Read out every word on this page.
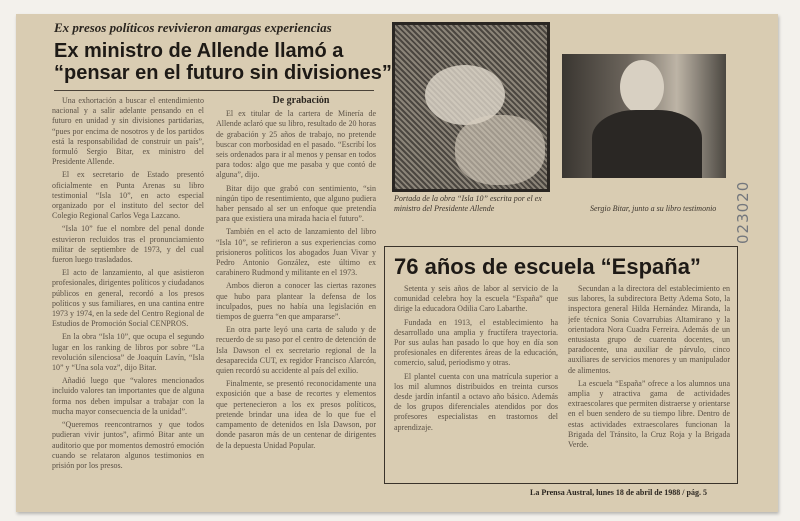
Ex presos políticos revivieron amargas experiencias
Ex ministro de Allende llamó a “pensar en el futuro sin divisiones”

Una exhortación a buscar el entendimiento nacional y a salir adelante pensando en el futuro en unidad y sin divisiones partidarias, “pues por encima de nosotros y de los partidos está la responsabilidad de construir un país”, formuló Sergio Bitar, ex ministro del Presidente Allende.

El ex secretario de Estado presentó oficialmente en Punta Arenas su libro testimonial “Isla 10”, en acto especial organizado por el instituto del sector del Colegio Regional Carlos Vega Lazcano.

“Isla 10” fue el nombre del penal donde estuvieron recluidos tras el pronunciamiento militar de septiembre de 1973, y del cual fueron luego trasladados.

El acto de lanzamiento, al que asistieron profesionales, dirigentes políticos y ciudadanos públicos en general, recordó a los presos políticos y sus familiares, en una cantina entre 1973 y 1974, en la sede del Centro Regional de Estudios de Promoción Social CENPROS.

En la obra “Isla 10”, que ocupa el segundo lugar en los ranking de libros por sobre “La revolución silenciosa” de Joaquín Lavín, “Isla 10” y “Una sola voz”, dijo Bitar.

Añadió luego que “valores mencionados incluido valores tan importantes que de alguna forma nos deben impulsar a trabajar con la mucha mayor consecuencia de la unidad”.

“Queremos reencontrarnos y que todos pudieran vivir juntos”, afirmó Bitar ante un auditorio que por momentos demostró emoción cuando se relataron algunos testimonios en prisión por los presos.

De grabación

El ex titular de la cartera de Minería de Allende aclaró que su libro, resultado de 20 horas de grabación y 25 años de trabajo, no pretende buscar con morbosidad en el pasado. “Escribí los seis ordenados para ir al menos y pensar en todos para todos: algo que me pasaba y que contó de alguna”, dijo.

Bitar dijo que grabó con sentimiento, “sin ningún tipo de resentimiento, que alguno pudiera haber pensado al ser un enfoque que pretendía para que existiera una mirada hacia el futuro”.

También en el acto de lanzamiento del libro “Isla 10”, se refirieron a sus experiencias como prisioneros políticos los abogados Juan Vivar y Pedro Antonio González, este último ex carabinero Rudmond y militante en el 1973.

Ambos dieron a conocer las ciertas razones que hubo para plantear la defensa de los inculpados, pues no había una legislación en tiempos de guerra “en que ampararse”.

En otra parte leyó una carta de saludo y de recuerdo de su paso por el centro de detención de Isla Dawson el ex secretario regional de la desaparecida CUT, ex regidor Francisco Alarcón, quien recordó su accidente al país del exilio.

Finalmente, se presentó reconocidamente una exposición que a base de recortes y elementos que pertenecieron a los ex presos políticos, pretende brindar una idea de lo que fue el campamento de detenidos en Isla Dawson, por donde pasaron más de un centenar de dirigentes de la depuesta Unidad Popular.

Portada de la obra “Isla 10” escrita por el ex ministro del Presidente Allende	Sergio Bitar, junto a su libro testimonio
76 años de escuela “España”

Setenta y seis años de labor al servicio de la comunidad celebra hoy la escuela “España” que dirige la educadora Odilia Caro Labarthe.

Fundada en 1913, el establecimiento ha desarrollado una amplia y fructífera trayectoria. Por sus aulas han pasado lo que hoy en día son profesionales en diferentes áreas de la educación, comercio, salud, periodismo y otras.

El plantel cuenta con una matrícula superior a los mil alumnos distribuidos en treinta cursos desde jardín infantil a octavo año básico. Además de los grupos diferenciales atendidos por dos profesores especialistas en trastornos del aprendizaje.

Secundan a la directora del establecimiento en sus labores, la subdirectora Betty Adema Soto, la inspectora general Hilda Hernández Miranda, la jefe técnica Sonia Covarrubias Altamirano y la orientadora Nora Cuadra Ferreira. Además de un entusiasta grupo de cuarenta docentes, un paradocente, una auxiliar de párvulo, cinco auxiliares de servicios menores y un manipulador de alimentos.

La escuela “España” ofrece a los alumnos una amplia y atractiva gama de actividades extraescolares que permiten distraerse y orientarse en el buen sendero de su tiempo libre. Dentro de estas actividades extraescolares funcionan la Brigada del Tránsito, la Cruz Roja y la Brigada Verde.

La Prensa Austral, lunes 18 de abril de 1988 / pág. 5
023020
